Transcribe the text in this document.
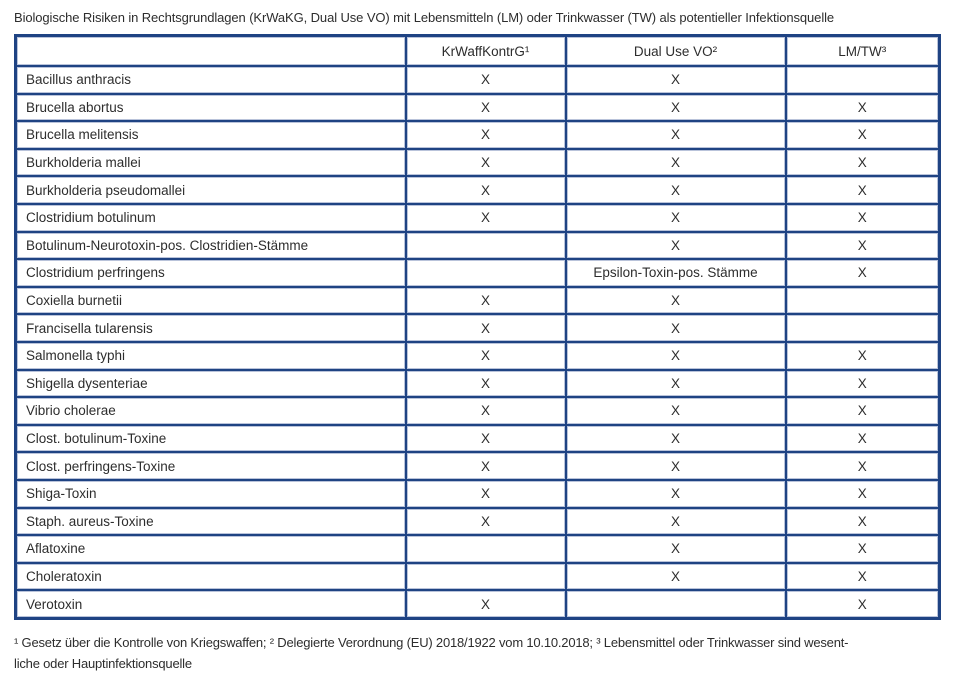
Biologische Risiken in Rechtsgrundlagen (KrWaKG, Dual Use VO) mit Lebensmitteln (LM) oder Trinkwasser (TW) als potentieller Infektionsquelle
	KrWaffKontrG¹	Dual Use VO²	LM/TW³
Bacillus anthracis	X	X	
Brucella abortus	X	X	X
Brucella melitensis	X	X	X
Burkholderia mallei	X	X	X
Burkholderia pseudomallei	X	X	X
Clostridium botulinum	X	X	X
Botulinum-Neurotoxin-pos. Clostridien-Stämme		X	X
Clostridium perfringens		Epsilon-Toxin-pos. Stämme	X
Coxiella burnetii	X	X	
Francisella tularensis	X	X	
Salmonella typhi	X	X	X
Shigella dysenteriae	X	X	X
Vibrio cholerae	X	X	X
Clost. botulinum-Toxine	X	X	X
Clost. perfringens-Toxine	X	X	X
Shiga-Toxin	X	X	X
Staph. aureus-Toxine	X	X	X
Aflatoxine		X	X
Choleratoxin		X	X
Verotoxin	X		X
¹ Gesetz über die Kontrolle von Kriegswaffen; ² Delegierte Verordnung (EU) 2018/1922 vom 10.10.2018; ³ Lebensmittel oder Trinkwasser sind wesent-
liche oder Hauptinfektionsquelle
